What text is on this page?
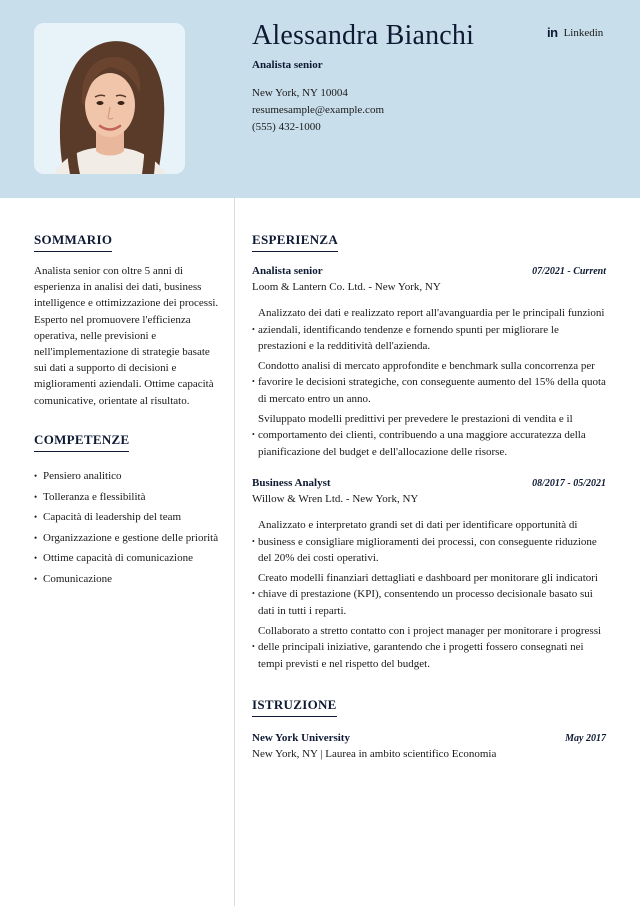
Alessandra Bianchi
Analista senior
New York, NY 10004
resumesample@example.com
(555) 432-1000
in Linkedin
SOMMARIO
Analista senior con oltre 5 anni di esperienza in analisi dei dati, business intelligence e ottimizzazione dei processi. Esperto nel promuovere l'efficienza operativa, nelle previsioni e nell'implementazione di strategie basate sui dati a supporto di decisioni e miglioramenti aziendali. Ottime capacità comunicative, orientate al risultato.
COMPETENZE
• Pensiero analitico
• Tolleranza e flessibilità
• Capacità di leadership del team
• Organizzazione e gestione delle priorità
• Ottime capacità di comunicazione
• Comunicazione
ESPERIENZA
Analista senior	07/2021 - Current
Loom & Lantern Co. Ltd. - New York, NY
•
Analizzato dei dati e realizzato report all'avanguardia per le principali funzioni aziendali, identificando tendenze e fornendo spunti per migliorare le prestazioni e la redditività dell'azienda.
•
Condotto analisi di mercato approfondite e benchmark sulla concorrenza per favorire le decisioni strategiche, con conseguente aumento del 15% della quota di mercato entro un anno.
•
Sviluppato modelli predittivi per prevedere le prestazioni di vendita e il comportamento dei clienti, contribuendo a una maggiore accuratezza della pianificazione del budget e dell'allocazione delle risorse.
Business Analyst	08/2017 - 05/2021
Willow & Wren Ltd. - New York, NY
•
Analizzato e interpretato grandi set di dati per identificare opportunità di business e consigliare miglioramenti dei processi, con conseguente riduzione del 20% dei costi operativi.
•
Creato modelli finanziari dettagliati e dashboard per monitorare gli indicatori chiave di prestazione (KPI), consentendo un processo decisionale basato sui dati in tutti i reparti.
•
Collaborato a stretto contatto con i project manager per monitorare i progressi delle principali iniziative, garantendo che i progetti fossero consegnati nei tempi previsti e nel rispetto del budget.
ISTRUZIONE
New York University	May 2017
New York, NY | Laurea in ambito scientifico Economia
